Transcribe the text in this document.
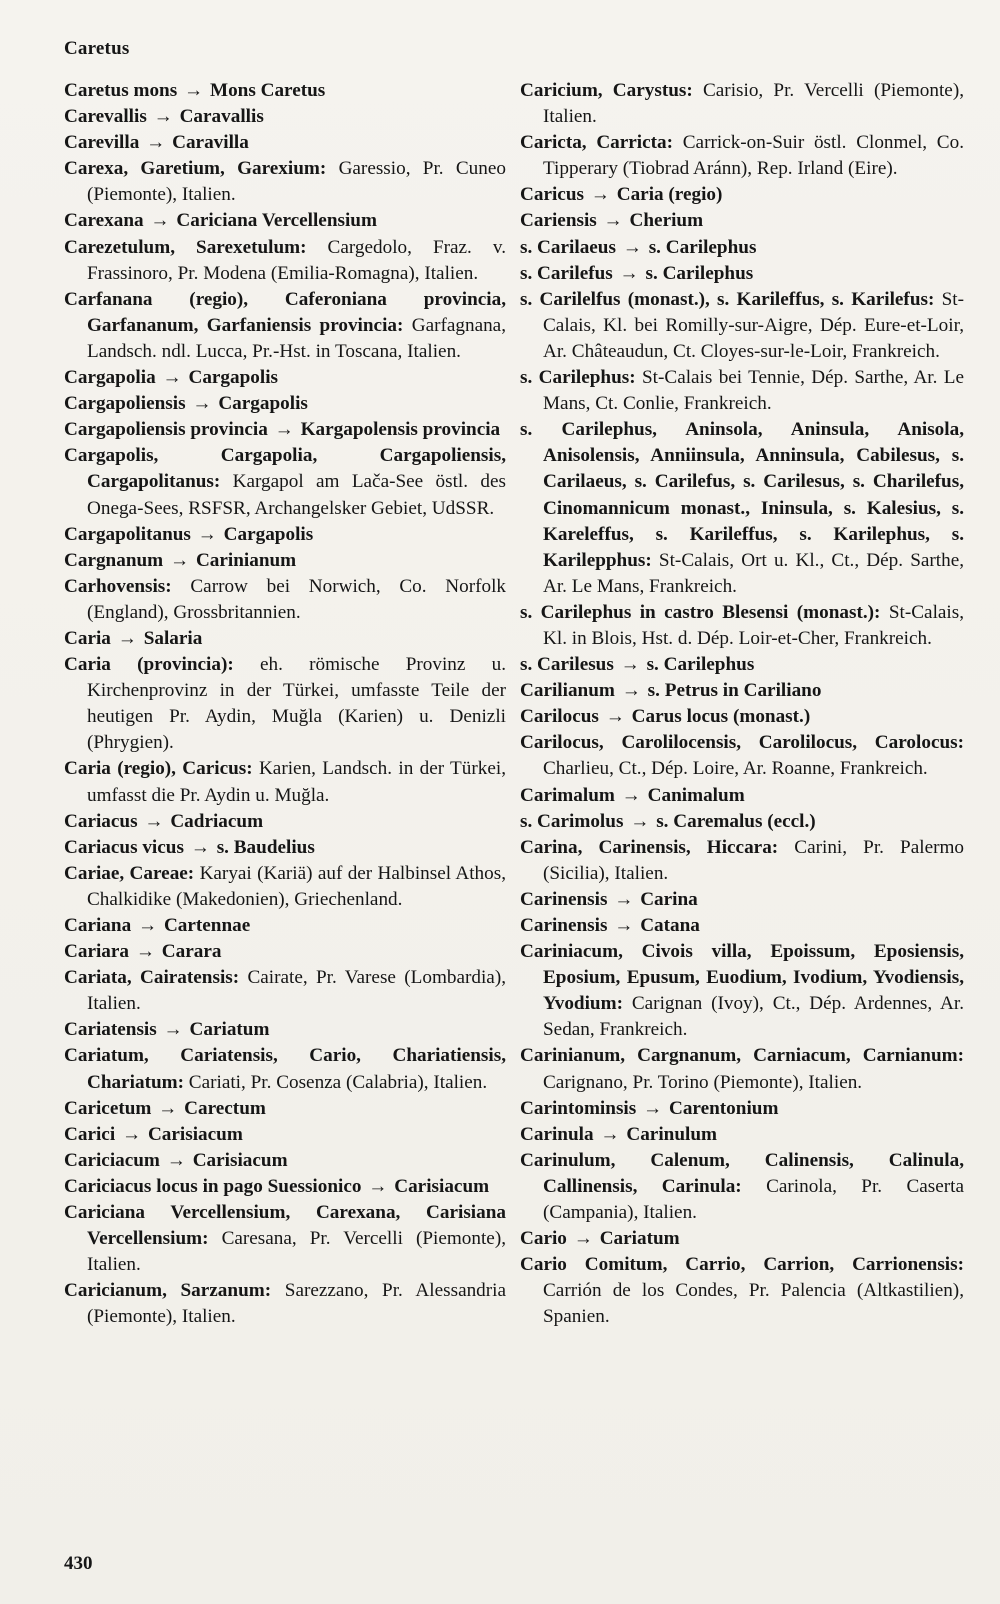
Caretus

Caretus mons → Mons Caretus

Carevallis → Caravallis

Carevilla → Caravilla

Carexa, Garetium, Garexium: Garessio, Pr. Cuneo (Piemonte), Italien.

Carexana → Cariciana Vercellensium

Carezetulum, Sarexetulum: Cargedolo, Fraz. v. Frassinoro, Pr. Modena (Emilia-Romagna), Italien.

Carfanana (regio), Caferoniana provincia, Garfananum, Garfaniensis provincia: Garfagnana, Landsch. ndl. Lucca, Pr.-Hst. in Toscana, Italien.

Cargapolia → Cargapolis

Cargapoliensis → Cargapolis

Cargapoliensis provincia → Kargapolensis provincia

Cargapolis, Cargapolia, Cargapoliensis, Cargapolitanus: Kargapol am Lača-See östl. des Onega-Sees, RSFSR, Archangelsker Gebiet, UdSSR.

Cargapolitanus → Cargapolis

Cargnanum → Carinianum

Carhovensis: Carrow bei Norwich, Co. Norfolk (England), Grossbritannien.

Caria → Salaria

Caria (provincia): eh. römische Provinz u. Kirchenprovinz in der Türkei, umfasste Teile der heutigen Pr. Aydin, Muğla (Karien) u. Denizli (Phrygien).

Caria (regio), Caricus: Karien, Landsch. in der Türkei, umfasst die Pr. Aydin u. Muğla.

Cariacus → Cadriacum

Cariacus vicus → s. Baudelius

Cariae, Careae: Karyai (Kariä) auf der Halbinsel Athos, Chalkidike (Makedonien), Griechenland.

Cariana → Cartennae

Cariara → Carara

Cariata, Cairatensis: Cairate, Pr. Varese (Lombardia), Italien.

Cariatensis → Cariatum

Cariatum, Cariatensis, Cario, Chariatiensis, Chariatum: Cariati, Pr. Cosenza (Calabria), Italien.

Caricetum → Carectum

Carici → Carisiacum

Cariciacum → Carisiacum

Cariciacus locus in pago Suessionico → Carisiacum

Cariciana Vercellensium, Carexana, Carisiana Vercellensium: Caresana, Pr. Vercelli (Piemonte), Italien.

Caricianum, Sarzanum: Sarezzano, Pr. Alessandria (Piemonte), Italien.

Caricium, Carystus: Carisio, Pr. Vercelli (Piemonte), Italien.

Caricta, Carricta: Carrick-on-Suir östl. Clonmel, Co. Tipperary (Tiobrad Aránn), Rep. Irland (Eire).

Caricus → Caria (regio)

Cariensis → Cherium

s. Carilaeus → s. Carilephus

s. Carilefus → s. Carilephus

s. Carilelfus (monast.), s. Karileffus, s. Karilefus: St-Calais, Kl. bei Romilly-sur-Aigre, Dép. Eure-et-Loir, Ar. Châteaudun, Ct. Cloyes-sur-le-Loir, Frankreich.

s. Carilephus: St-Calais bei Tennie, Dép. Sarthe, Ar. Le Mans, Ct. Conlie, Frankreich.

s. Carilephus, Aninsola, Aninsula, Anisola, Anisolensis, Anniinsula, Anninsula, Cabilesus, s. Carilaeus, s. Carilefus, s. Carilesus, s. Charilefus, Cinomannicum monast., Ininsula, s. Kalesius, s. Kareleffus, s. Karileffus, s. Karilephus, s. Karilepphus: St-Calais, Ort u. Kl., Ct., Dép. Sarthe, Ar. Le Mans, Frankreich.

s. Carilephus in castro Blesensi (monast.): St-Calais, Kl. in Blois, Hst. d. Dép. Loir-et-Cher, Frankreich.

s. Carilesus → s. Carilephus

Carilianum → s. Petrus in Cariliano

Carilocus → Carus locus (monast.)

Carilocus, Carolilocensis, Carolilocus, Carolocus: Charlieu, Ct., Dép. Loire, Ar. Roanne, Frankreich.

Carimalum → Canimalum

s. Carimolus → s. Caremalus (eccl.)

Carina, Carinensis, Hiccara: Carini, Pr. Palermo (Sicilia), Italien.

Carinensis → Carina

Carinensis → Catana

Cariniacum, Civois villa, Epoissum, Eposiensis, Eposium, Epusum, Euodium, Ivodium, Yvodiensis, Yvodium: Carignan (Ivoy), Ct., Dép. Ardennes, Ar. Sedan, Frankreich.

Carinianum, Cargnanum, Carniacum, Carnianum: Carignano, Pr. Torino (Piemonte), Italien.

Carintominsis → Carentonium

Carinula → Carinulum

Carinulum, Calenum, Calinensis, Calinula, Callinensis, Carinula: Carinola, Pr. Caserta (Campania), Italien.

Cario → Cariatum

Cario Comitum, Carrio, Carrion, Carrionensis: Carrión de los Condes, Pr. Palencia (Altkastilien), Spanien.

430
